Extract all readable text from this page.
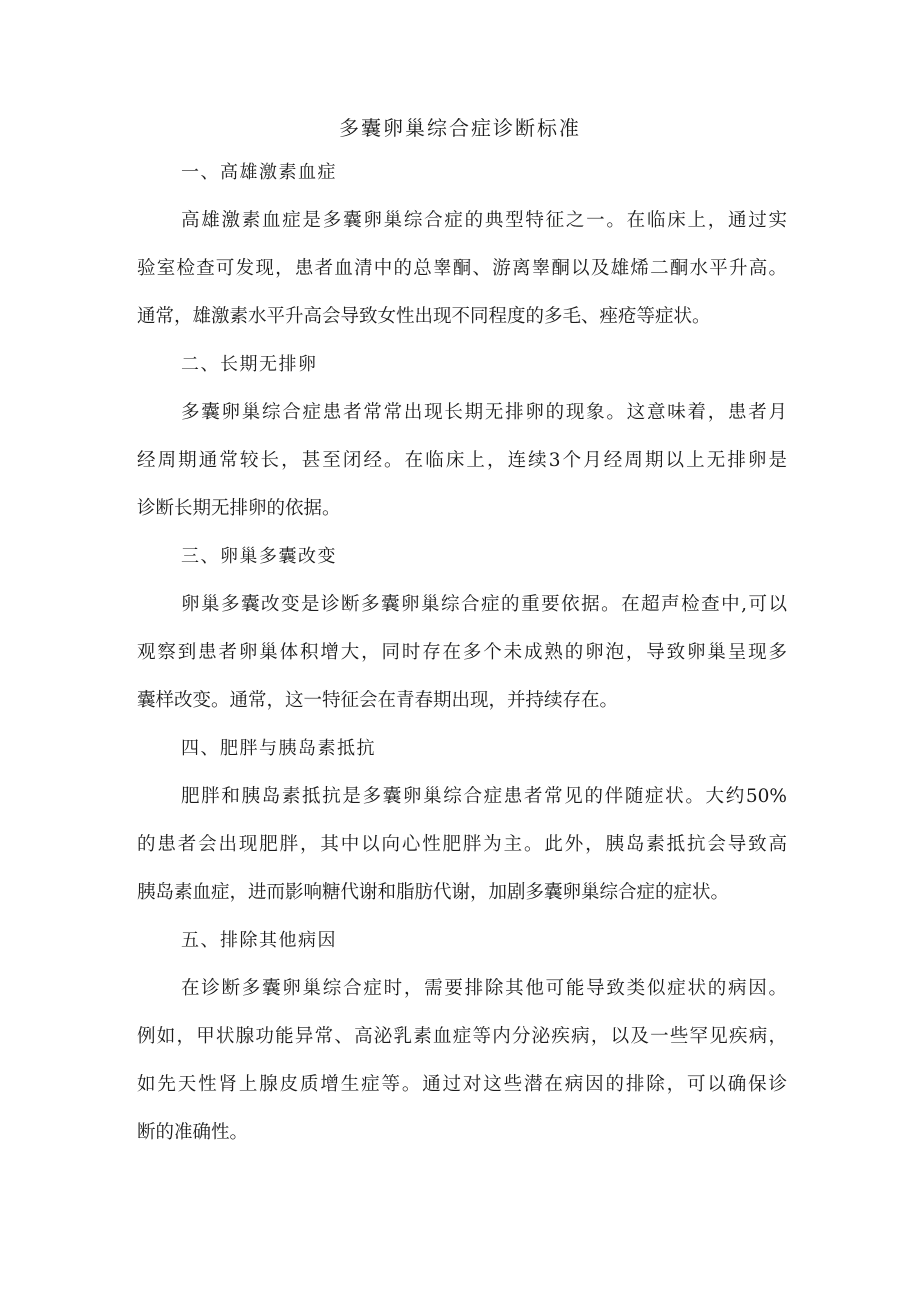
多囊卵巢综合症诊断标准
一、高雄激素血症
高雄激素血症是多囊卵巢综合症的典型特征之一。在临床上，通过实
验室检查可发现，患者血清中的总睾酮、游离睾酮以及雄烯二酮水平升高。
通常，雄激素水平升高会导致女性出现不同程度的多毛、痤疮等症状。
二、长期无排卵
多囊卵巢综合症患者常常出现长期无排卵的现象。这意味着，患者月
经周期通常较长，甚至闭经。在临床上，连续3个月经周期以上无排卵是
诊断长期无排卵的依据。
三、卵巢多囊改变
卵巢多囊改变是诊断多囊卵巢综合症的重要依据。在超声检查中,可以
观察到患者卵巢体积增大，同时存在多个未成熟的卵泡，导致卵巢呈现多
囊样改变。通常，这一特征会在青春期出现，并持续存在。
四、肥胖与胰岛素抵抗
肥胖和胰岛素抵抗是多囊卵巢综合症患者常见的伴随症状。大约50%
的患者会出现肥胖，其中以向心性肥胖为主。此外，胰岛素抵抗会导致高
胰岛素血症，进而影响糖代谢和脂肪代谢，加剧多囊卵巢综合症的症状。
五、排除其他病因
在诊断多囊卵巢综合症时，需要排除其他可能导致类似症状的病因。
例如，甲状腺功能异常、高泌乳素血症等内分泌疾病，以及一些罕见疾病，
如先天性肾上腺皮质增生症等。通过对这些潜在病因的排除，可以确保诊
断的准确性。
